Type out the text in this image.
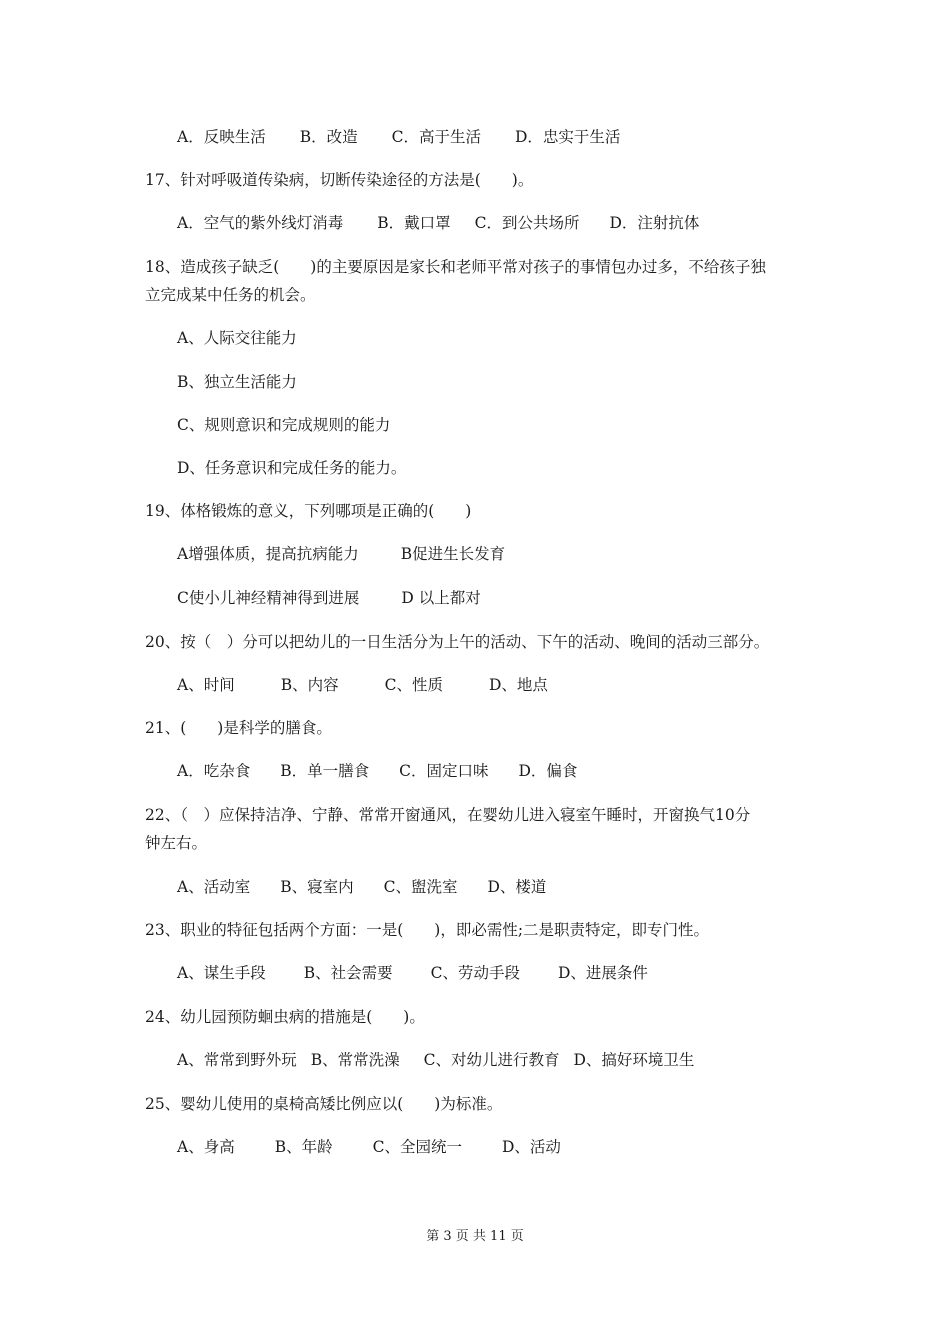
A．反映生活 B．改造 C．高于生活 D．忠实于生活
17、针对呼吸道传染病，切断传染途径的方法是(　　)。
A．空气的紫外线灯消毒 B．戴口罩 C．到公共场所 D．注射抗体
18、造成孩子缺乏(　　)的主要原因是家长和老师平常对孩子的事情包办过多，不给孩子独
立完成某中任务的机会。
A、人际交往能力
B、独立生活能力
C、规则意识和完成规则的能力
D、任务意识和完成任务的能力。
19、体格锻炼的意义，下列哪项是正确的(　　)
A增强体质，提高抗病能力	B促进生长发育
C使小儿神经精神得到进展	D 以上都对
20、按（　）分可以把幼儿的一日生活分为上午的活动、下午的活动、晚间的活动三部分。
A、时间	B、内容	C、性质	D、地点
21、(　　)是科学的膳食。
A．吃杂食 B．单一膳食 C．固定口味 D．偏食
22、（　）应保持洁净、宁静、常常开窗通风，在婴幼儿进入寝室午睡时，开窗换气10分
钟左右。
A、活动室 B、寝室内 C、盥洗室 D、楼道
23、职业的特征包括两个方面：一是(　　)，即必需性;二是职责特定，即专门性。
A、谋生手段 B、社会需要 C、劳动手段 D、进展条件
24、幼儿园预防蛔虫病的措施是(　　)。
A、常常到野外玩 B、常常洗澡 C、对幼儿进行教育 D、搞好环境卫生
25、婴幼儿使用的桌椅高矮比例应以(　　)为标准。
A、身高	B、年龄	C、全园统一	D、活动
第 3 页 共 11 页
